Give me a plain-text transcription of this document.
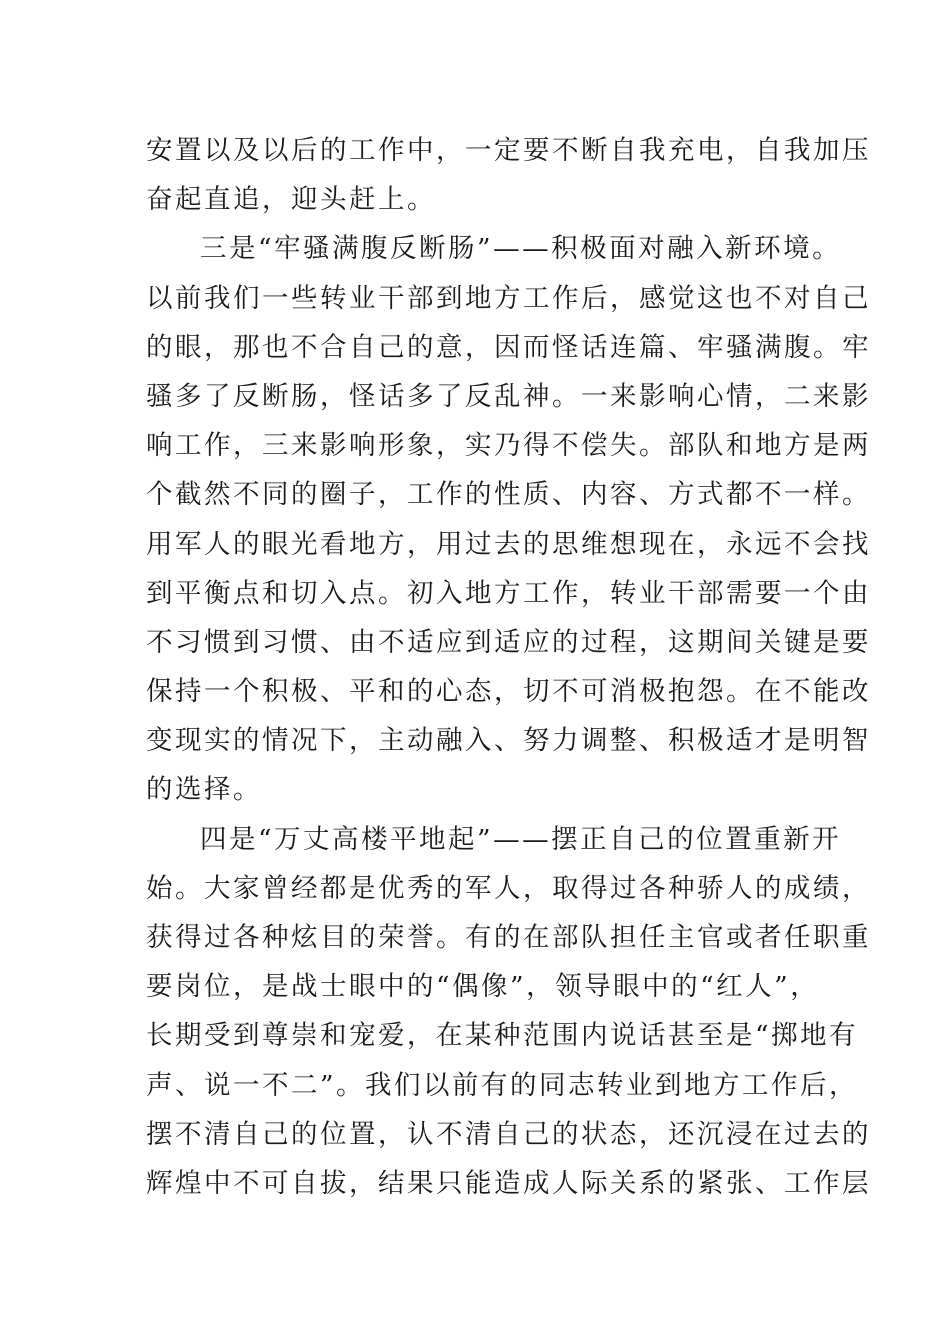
安置以及以后的工作中，一定要不断自我充电，自我加压
奋起直追，迎头赶上。
三是“牢骚满腹反断肠”——积极面对融入新环境。
以前我们一些转业干部到地方工作后，感觉这也不对自己
的眼，那也不合自己的意，因而怪话连篇、牢骚满腹。牢
骚多了反断肠，怪话多了反乱神。一来影响心情，二来影
响工作，三来影响形象，实乃得不偿失。部队和地方是两
个截然不同的圈子，工作的性质、内容、方式都不一样。
用军人的眼光看地方，用过去的思维想现在，永远不会找
到平衡点和切入点。初入地方工作，转业干部需要一个由
不习惯到习惯、由不适应到适应的过程，这期间关键是要
保持一个积极、平和的心态，切不可消极抱怨。在不能改
变现实的情况下，主动融入、努力调整、积极适才是明智
的选择。
四是“万丈高楼平地起”——摆正自己的位置重新开
始。大家曾经都是优秀的军人，取得过各种骄人的成绩，
获得过各种炫目的荣誉。有的在部队担任主官或者任职重
要岗位，是战士眼中的“偶像”，领导眼中的“红人”，
长期受到尊崇和宠爱，在某种范围内说话甚至是“掷地有
声、说一不二”。我们以前有的同志转业到地方工作后，
摆不清自己的位置，认不清自己的状态，还沉浸在过去的
辉煌中不可自拔，结果只能造成人际关系的紧张、工作层
